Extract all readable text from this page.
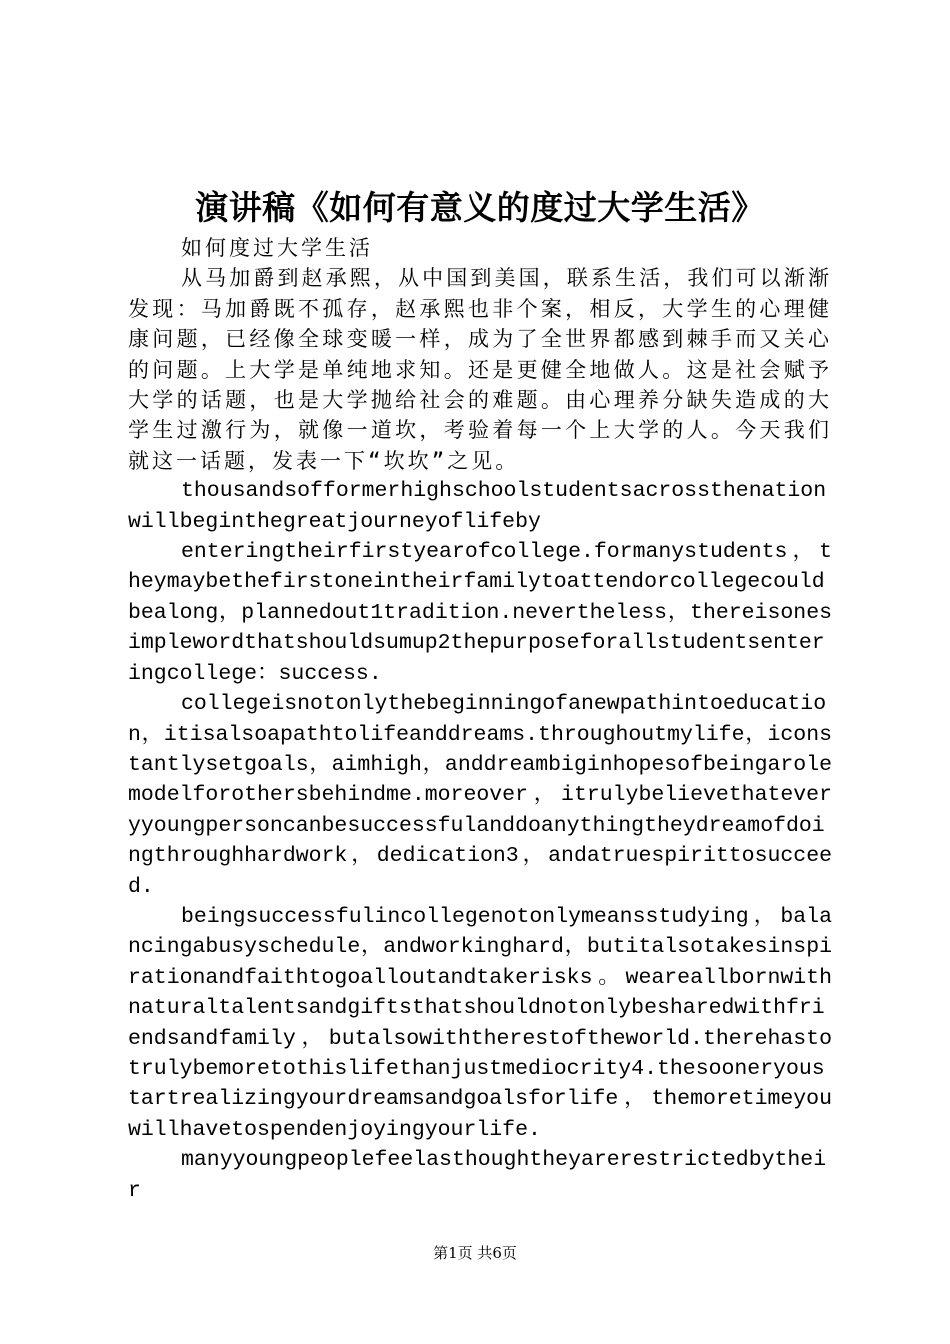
演讲稿《如何有意义的度过大学生活》

如何度过大学生活

从马加爵到赵承熙，从中国到美国，联系生活，我们可以渐渐发现：马加爵既不孤存，赵承熙也非个案，相反，大学生的心理健康问题，已经像全球变暖一样，成为了全世界都感到棘手而又关心的问题。上大学是单纯地求知。还是更健全地做人。这是社会赋予大学的话题，也是大学抛给社会的难题。由心理养分缺失造成的大学生过激行为，就像一道坎，考验着每一个上大学的人。今天我们就这一话题，发表一下“坎坎”之见。

thousandsofformerhighschoolstudentsacrossthenationwillbeginthegreatjourneyoflifeby

enteringtheirfirstyearofcollege.formanystudents，theymaybethefirstoneintheirfamilytoattendorcollegecouldbealong，plannedout1tradition.nevertheless，thereisonesimplewordthatshouldsumup2thepurposeforallstudentsenteringcollege：success.

collegeisnotonlythebeginningofanewpathintoeducation，itisalsoapathtolifeanddreams.throughoutmylife，iconstantlysetgoals，aimhigh，anddreambiginhopesofbeingarolemodelforothersbehindme.moreover，itrulybelievethateveryyoungpersoncanbesuccessfulanddoanythingtheydreamofdoingthroughhardwork，dedication3，andatruespirittosucceed.

beingsuccessfulincollegenotonlymeansstudying，balancingabusyschedule，andworkinghard，butitalsotakesinspirationandfaithtogoalloutandtakerisks。weareallbornwithnaturaltalentsandgiftsthatshouldnotonlybesharedwithfriendsandfamily，butalsowiththerestoftheworld.therehastotrulybemoretothislifethanjustmediocrity4.thesooneryoustartrealizingyourdreamsandgoalsforlife，themoretimeyouwillhavetospendenjoyingyourlife.

manyyoungpeoplefeelasthoughtheyarerestrictedbytheir

第1页 共6页
